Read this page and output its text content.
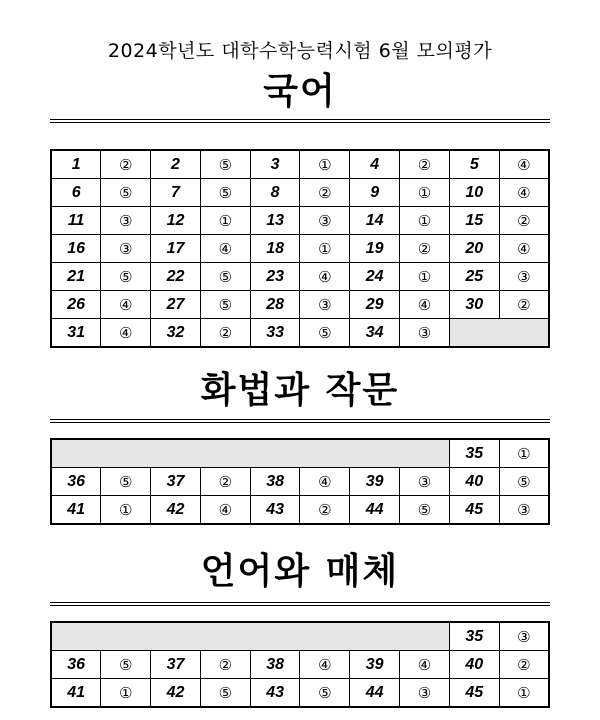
2024학년도 대학수학능력시험 6월 모의평가
국어
1	②	2	⑤	3	①	4	②	5	④
6	⑤	7	⑤	8	②	9	①	10	④
11	③	12	①	13	③	14	①	15	②
16	③	17	④	18	①	19	②	20	④
21	⑤	22	⑤	23	④	24	①	25	③
26	④	27	⑤	28	③	29	④	30	②
31	④	32	②	33	⑤	34	③		
화법과 작문
								35	①
36	⑤	37	②	38	④	39	③	40	⑤
41	①	42	④	43	②	44	⑤	45	③
언어와 매체
								35	③
36	⑤	37	②	38	④	39	④	40	②
41	①	42	⑤	43	⑤	44	③	45	①
